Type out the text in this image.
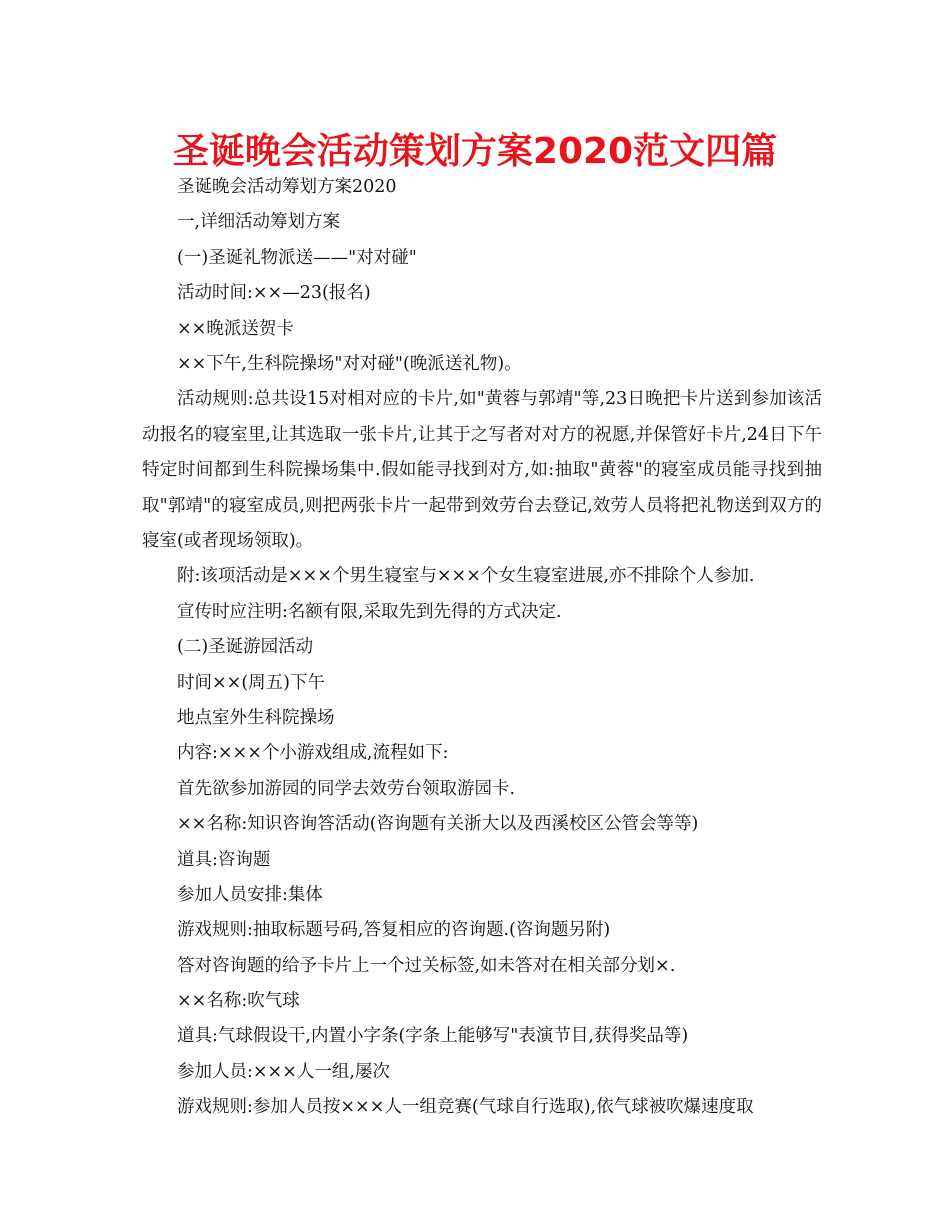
圣诞晚会活动策划方案2020范文四篇
圣诞晚会活动筹划方案2020
一,详细活动筹划方案
(一)圣诞礼物派送——"对对碰"
活动时间:××—23(报名)
××晚派送贺卡
××下午,生科院操场"对对碰"(晚派送礼物)。
活动规则:总共设15对相对应的卡片,如"黄蓉与郭靖"等,23日晚把卡片送到参加该活动报名的寝室里,让其选取一张卡片,让其于之写者对对方的祝愿,并保管好卡片,24日下午特定时间都到生科院操场集中.假如能寻找到对方,如:抽取"黄蓉"的寝室成员能寻找到抽取"郭靖"的寝室成员,则把两张卡片一起带到效劳台去登记,效劳人员将把礼物送到双方的寝室(或者现场领取)。
附:该项活动是×××个男生寝室与×××个女生寝室进展,亦不排除个人参加.
宣传时应注明:名额有限,采取先到先得的方式决定.
(二)圣诞游园活动
时间××(周五)下午
地点室外生科院操场
内容:×××个小游戏组成,流程如下:
首先欲参加游园的同学去效劳台领取游园卡.
××名称:知识咨询答活动(咨询题有关浙大以及西溪校区公管会等等)
道具:咨询题
参加人员安排:集体
游戏规则:抽取标题号码,答复相应的咨询题.(咨询题另附)
答对咨询题的给予卡片上一个过关标签,如未答对在相关部分划×.
××名称:吹气球
道具:气球假设干,内置小字条(字条上能够写"表演节目,获得奖品等)
参加人员:×××人一组,屡次
游戏规则:参加人员按×××人一组竞赛(气球自行选取),依气球被吹爆速度取
